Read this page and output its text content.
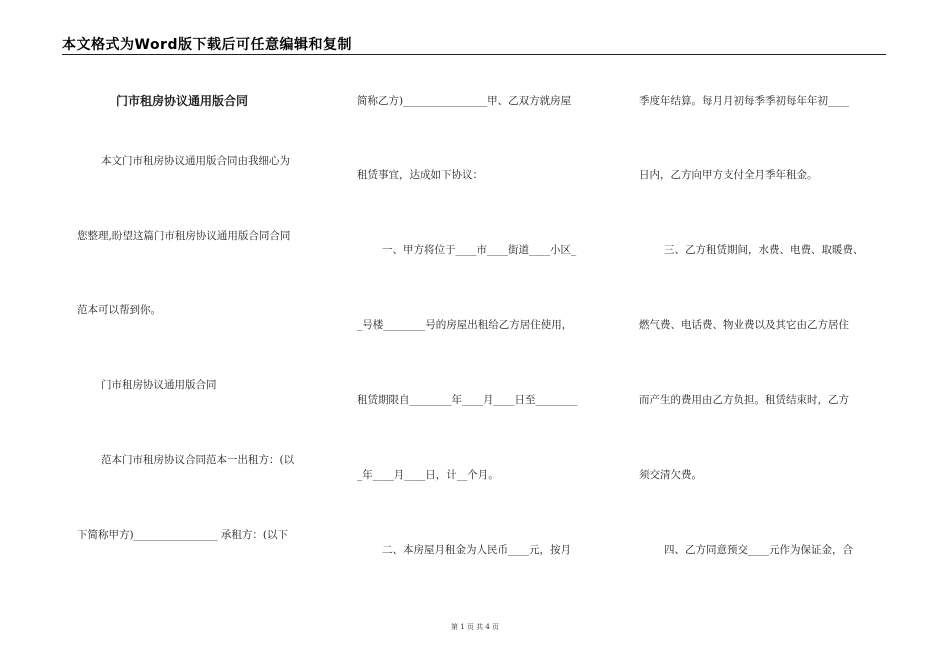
本文格式为Word版下载后可任意编辑和复制
门市租房协议通用版合同
本文门市租房协议通用版合同由我细心为
您整理,盼望这篇门市租房协议通用版合同合同
范本可以帮到你。
门市租房协议通用版合同
范本门市租房协议合同范本一出租方：(以
下简称甲方)________________ 承租方：(以下
简称乙方)________________甲、乙双方就房屋
租赁事宜，达成如下协议：
一、甲方将位于____市____街道____小区_
_号楼________号的房屋出租给乙方居住使用，
租赁期限自________年____月____日至________
_年____月____日，计__个月。
二、本房屋月租金为人民币____元，按月
季度年结算。每月月初每季季初每年年初____
日内，乙方向甲方支付全月季年租金。
三、乙方租赁期间，水费、电费、取暖费、
燃气费、电话费、物业费以及其它由乙方居住
而产生的费用由乙方负担。租赁结束时，乙方
须交清欠费。
四、乙方同意预交____元作为保证金，合
第 1 页 共 4 页
